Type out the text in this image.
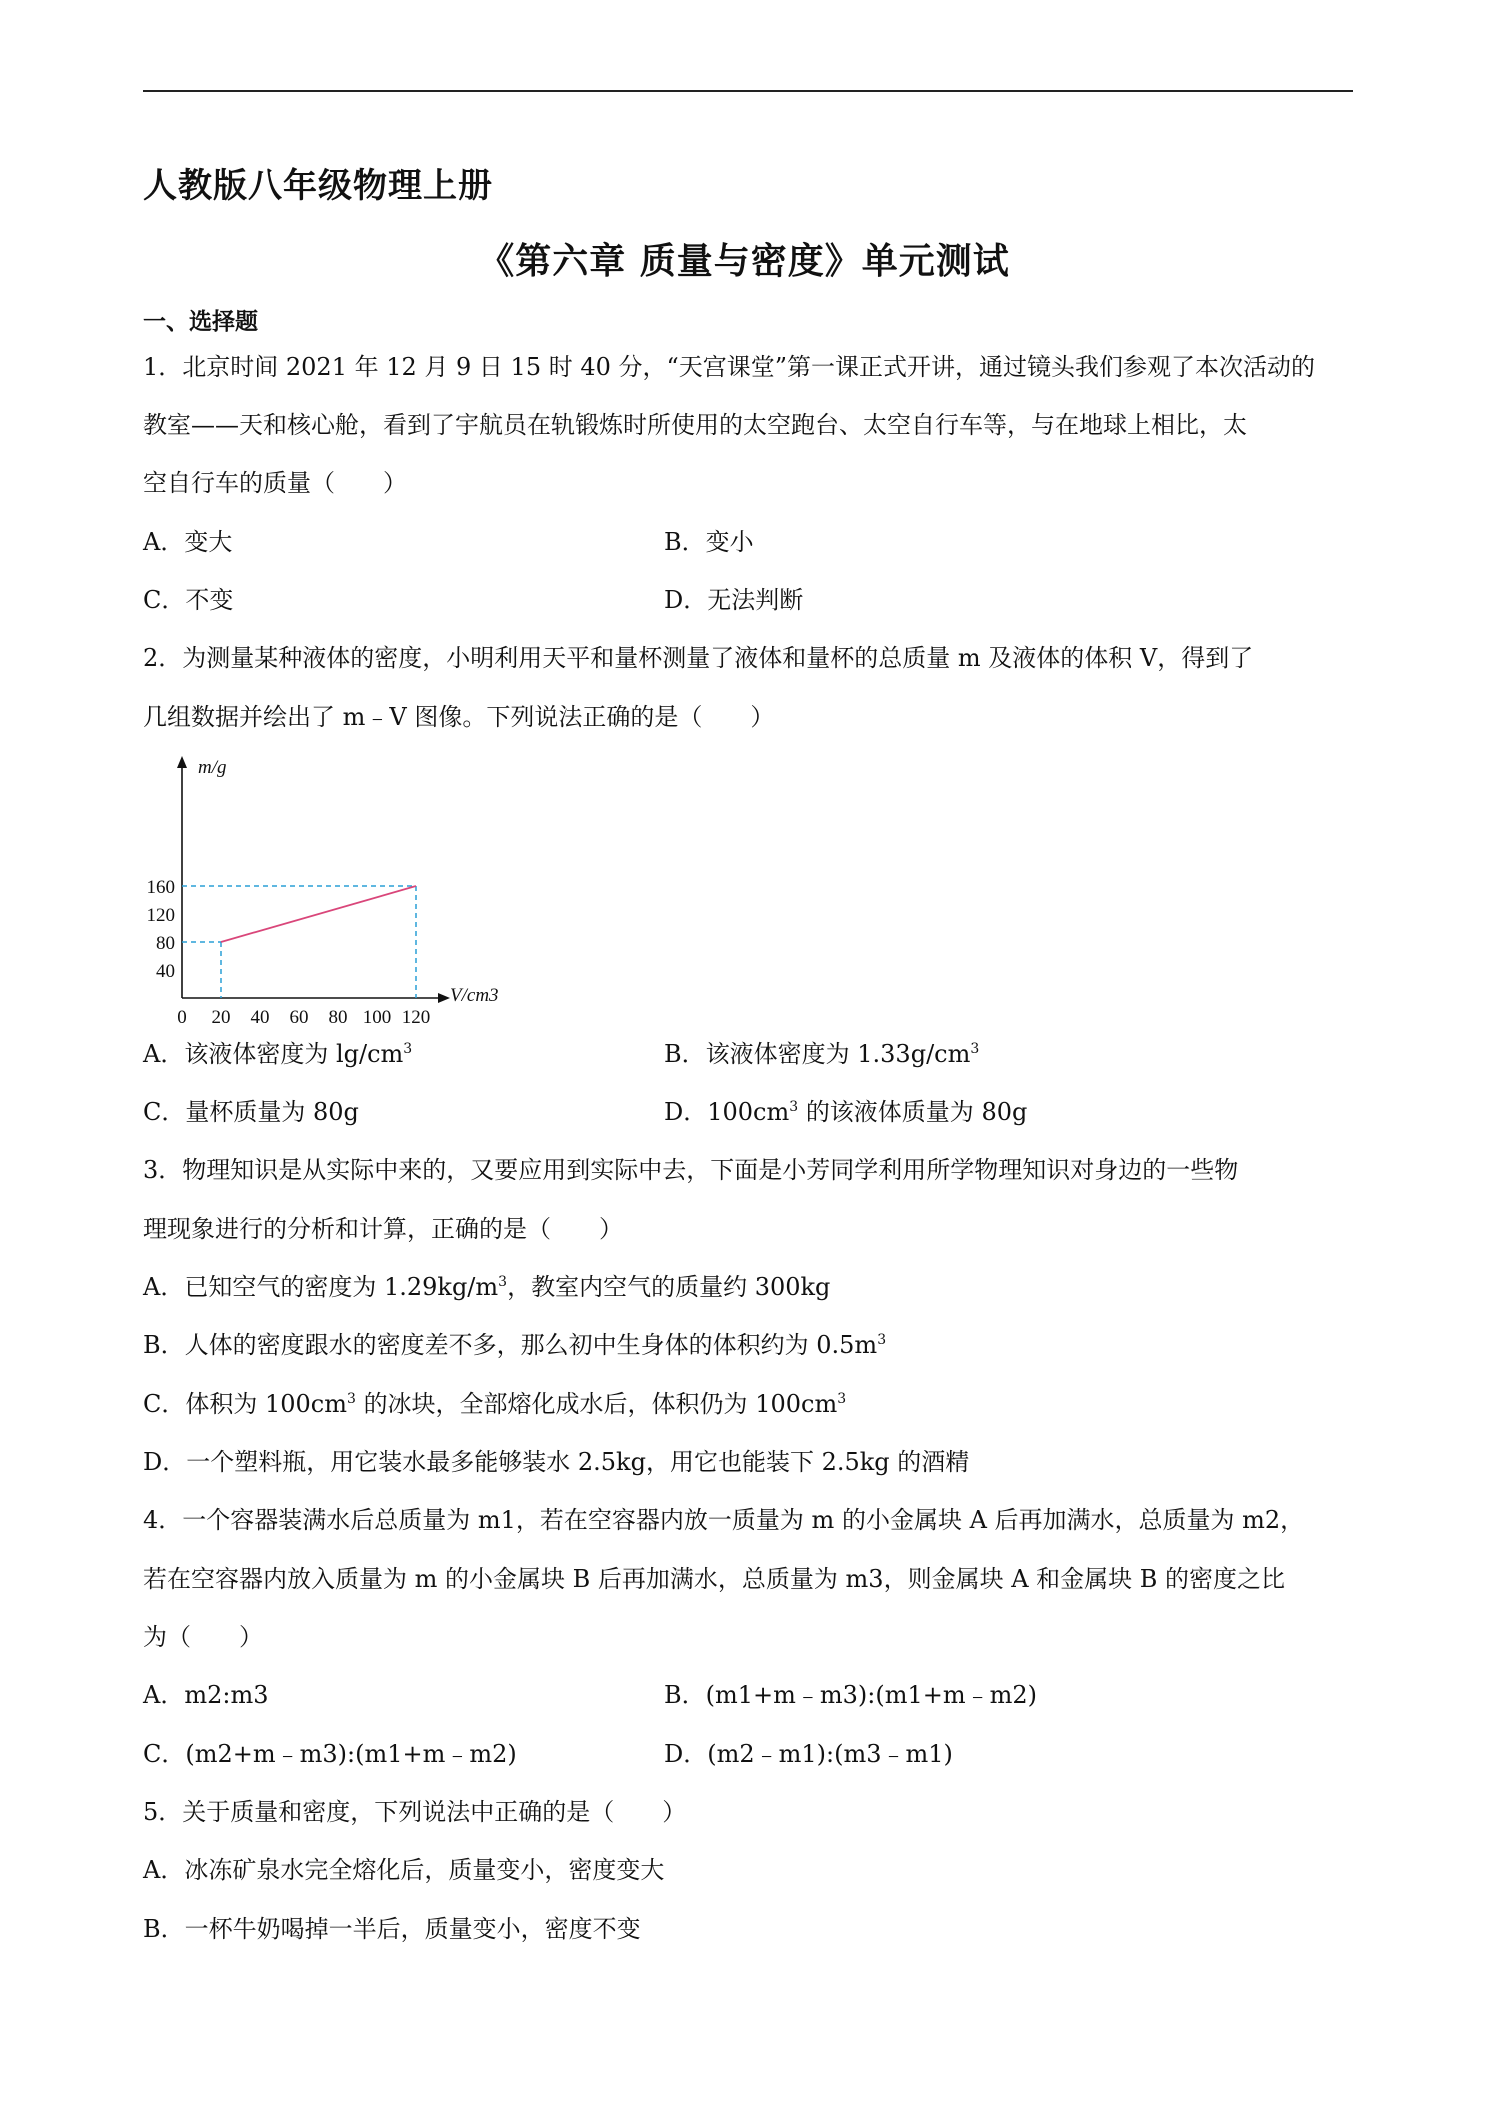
人教版八年级物理上册
《第六章 质量与密度》单元测试
一、选择题
1．北京时间 2021 年 12 月 9 日 15 时 40 分，“天宫课堂”第一课正式开讲，通过镜头我们参观了本次活动的
教室——天和核心舱，看到了宇航员在轨锻炼时所使用的太空跑台、太空自行车等，与在地球上相比，太
空自行车的质量（　　）
A．变大	B．变小
C．不变	D．无法判断
2．为测量某种液体的密度，小明利用天平和量杯测量了液体和量杯的总质量 m 及液体的体积 V，得到了
几组数据并绘出了 m﹣V 图像。下列说法正确的是（　　）
m/g
V/cm3
0 20 40 60 80 100 120
40
80
120
160
A．该液体密度为 $\lg/cm^3$	B．该液体密度为 $1.33g/cm^3$
C．量杯质量为 80g	D．$100cm^3$ 的该液体质量为 80g
3．物理知识是从实际中来的，又要应用到实际中去，下面是小芳同学利用所学物理知识对身边的一些物
理现象进行的分析和计算，正确的是（　　）
A．已知空气的密度为 $1.29kg/m^3$，教室内空气的质量约 300kg
B．人体的密度跟水的密度差不多，那么初中生身体的体积约为 $0.5m^3$
C．体积为 $100cm^3$ 的冰块，全部熔化成水后，体积仍为 $100cm^3$
D．一个塑料瓶，用它装水最多能够装水 2.5kg，用它也能装下 2.5kg 的酒精
4．一个容器装满水后总质量为 m1，若在空容器内放一质量为 m 的小金属块 A 后再加满水，总质量为 m2，
若在空容器内放入质量为 m 的小金属块 B 后再加满水，总质量为 m3，则金属块 A 和金属块 B 的密度之比
为（　　）
A．m2:m3	B．(m1+m﹣m3):(m1+m﹣m2)
C．(m2+m﹣m3):(m1+m﹣m2)	D．(m2﹣m1):(m3﹣m1)
5．关于质量和密度，下列说法中正确的是（　　）
A．冰冻矿泉水完全熔化后，质量变小，密度变大
B．一杯牛奶喝掉一半后，质量变小，密度不变
